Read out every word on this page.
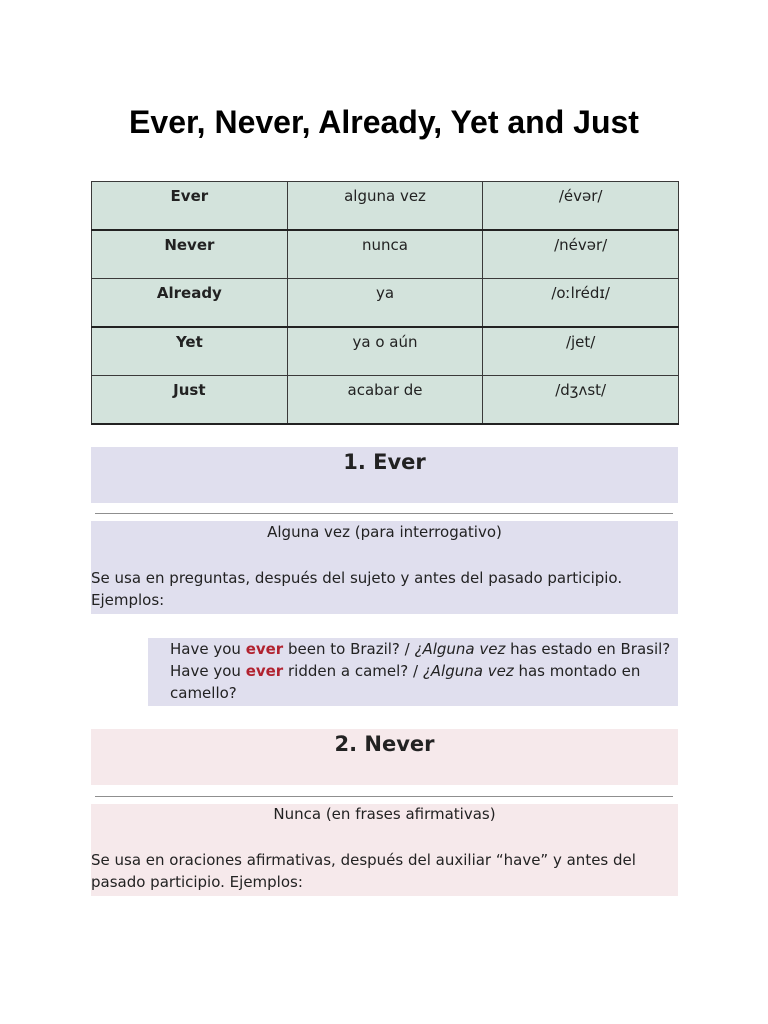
Ever, Never, Already, Yet and Just
Ever	alguna vez	/évər/
Never	nunca	/névər/
Already	ya	/oːlrédɪ/
Yet	ya o aún	/jet/
Just	acabar de	/dʒʌst/
1. Ever
Alguna vez (para interrogativo)
Se usa en preguntas, después del sujeto y antes del pasado participio. Ejemplos:
Have you ever been to Brazil? / ¿Alguna vez has estado en Brasil?
Have you ever ridden a camel? / ¿Alguna vez has montado en camello?
2. Never
Nunca (en frases afirmativas)
Se usa en oraciones afirmativas, después del auxiliar “have” y antes del pasado participio. Ejemplos:
